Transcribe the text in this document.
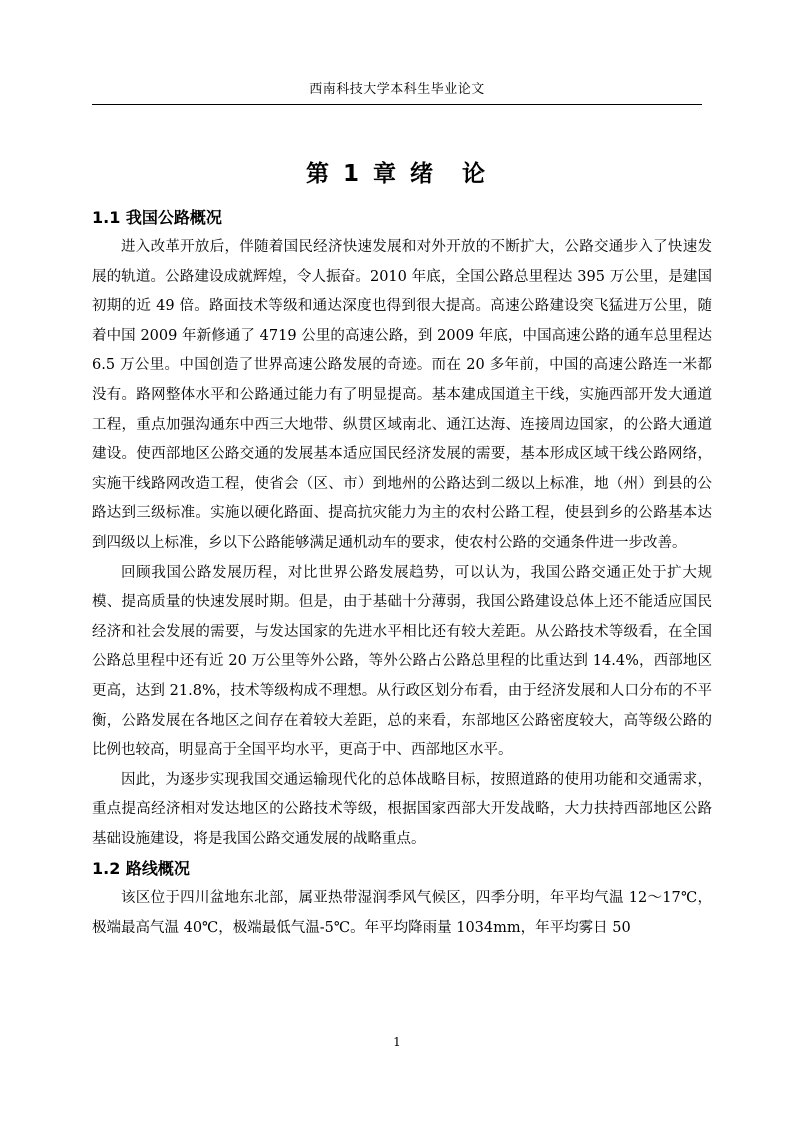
西南科技大学本科生毕业论文
第 1 章 绪　论
1.1 我国公路概况

进入改革开放后，伴随着国民经济快速发展和对外开放的不断扩大，公路交通步入了快速发展的轨道。公路建设成就辉煌，令人振奋。2010 年底，全国公路总里程达 395 万公里，是建国初期的近 49 倍。路面技术等级和通达深度也得到很大提高。高速公路建设突飞猛进万公里，随着中国 2009 年新修通了 4719 公里的高速公路，到 2009 年底，中国高速公路的通车总里程达 6.5 万公里。中国创造了世界高速公路发展的奇迹。而在 20 多年前，中国的高速公路连一米都没有。路网整体水平和公路通过能力有了明显提高。基本建成国道主干线，实施西部开发大通道工程，重点加强沟通东中西三大地带、纵贯区域南北、通江达海、连接周边国家，的公路大通道建设。使西部地区公路交通的发展基本适应国民经济发展的需要，基本形成区域干线公路网络，实施干线路网改造工程，使省会（区、市）到地州的公路达到二级以上标准，地（州）到县的公路达到三级标准。实施以硬化路面、提高抗灾能力为主的农村公路工程，使县到乡的公路基本达到四级以上标准，乡以下公路能够满足通机动车的要求，使农村公路的交通条件进一步改善。

回顾我国公路发展历程，对比世界公路发展趋势，可以认为，我国公路交通正处于扩大规模、提高质量的快速发展时期。但是，由于基础十分薄弱，我国公路建设总体上还不能适应国民经济和社会发展的需要，与发达国家的先进水平相比还有较大差距。从公路技术等级看，在全国公路总里程中还有近 20 万公里等外公路，等外公路占公路总里程的比重达到 14.4%，西部地区更高，达到 21.8%，技术等级构成不理想。从行政区划分布看，由于经济发展和人口分布的不平衡，公路发展在各地区之间存在着较大差距，总的来看，东部地区公路密度较大，高等级公路的比例也较高，明显高于全国平均水平，更高于中、西部地区水平。

因此，为逐步实现我国交通运输现代化的总体战略目标，按照道路的使用功能和交通需求，重点提高经济相对发达地区的公路技术等级，根据国家西部大开发战略，大力扶持西部地区公路基础设施建设，将是我国公路交通发展的战略重点。

1.2 路线概况

该区位于四川盆地东北部，属亚热带湿润季风气候区，四季分明，年平均气温 12～17℃，极端最高气温 40℃，极端最低气温-5℃。年平均降雨量 1034mm，年平均雾日 50

1
